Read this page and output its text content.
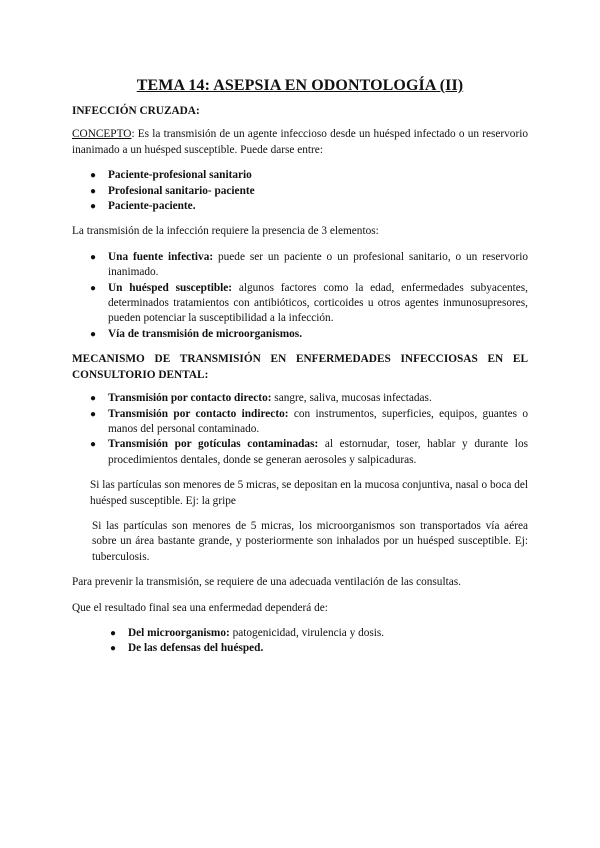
TEMA 14: ASEPSIA EN ODONTOLOGÍA (II)
INFECCIÓN CRUZADA:

CONCEPTO: Es la transmisión de un agente infeccioso desde un huésped infectado o un reservorio inanimado a un huésped susceptible. Puede darse entre:

● Paciente-profesional sanitario
● Profesional sanitario- paciente
● Paciente-paciente.

La transmisión de la infección requiere la presencia de 3 elementos:

● Una fuente infectiva: puede ser un paciente o un profesional sanitario, o un reservorio inanimado.
● Un huésped susceptible: algunos factores como la edad, enfermedades subyacentes, determinados tratamientos con antibióticos, corticoides u otros agentes inmunosupresores, pueden potenciar la susceptibilidad a la infección.
● Vía de transmisión de microorganismos.
MECANISMO DE TRANSMISIÓN EN ENFERMEDADES INFECCIOSAS EN EL CONSULTORIO DENTAL:
● Transmisión por contacto directo: sangre, saliva, mucosas infectadas.
● Transmisión por contacto indirecto: con instrumentos, superficies, equipos, guantes o manos del personal contaminado.
● Transmisión por gotículas contaminadas: al estornudar, toser, hablar y durante los procedimientos dentales, donde se generan aerosoles y salpicaduras.

Si las partículas son menores de 5 micras, se depositan en la mucosa conjuntiva, nasal o boca del huésped susceptible. Ej: la gripe

Si las partículas son menores de 5 micras, los microorganismos son transportados vía aérea sobre un área bastante grande, y posteriormente son inhalados por un huésped susceptible. Ej: tuberculosis.

Para prevenir la transmisión, se requiere de una adecuada ventilación de las consultas.

Que el resultado final sea una enfermedad dependerá de:

● Del microorganismo: patogenicidad, virulencia y dosis.
● De las defensas del huésped.
